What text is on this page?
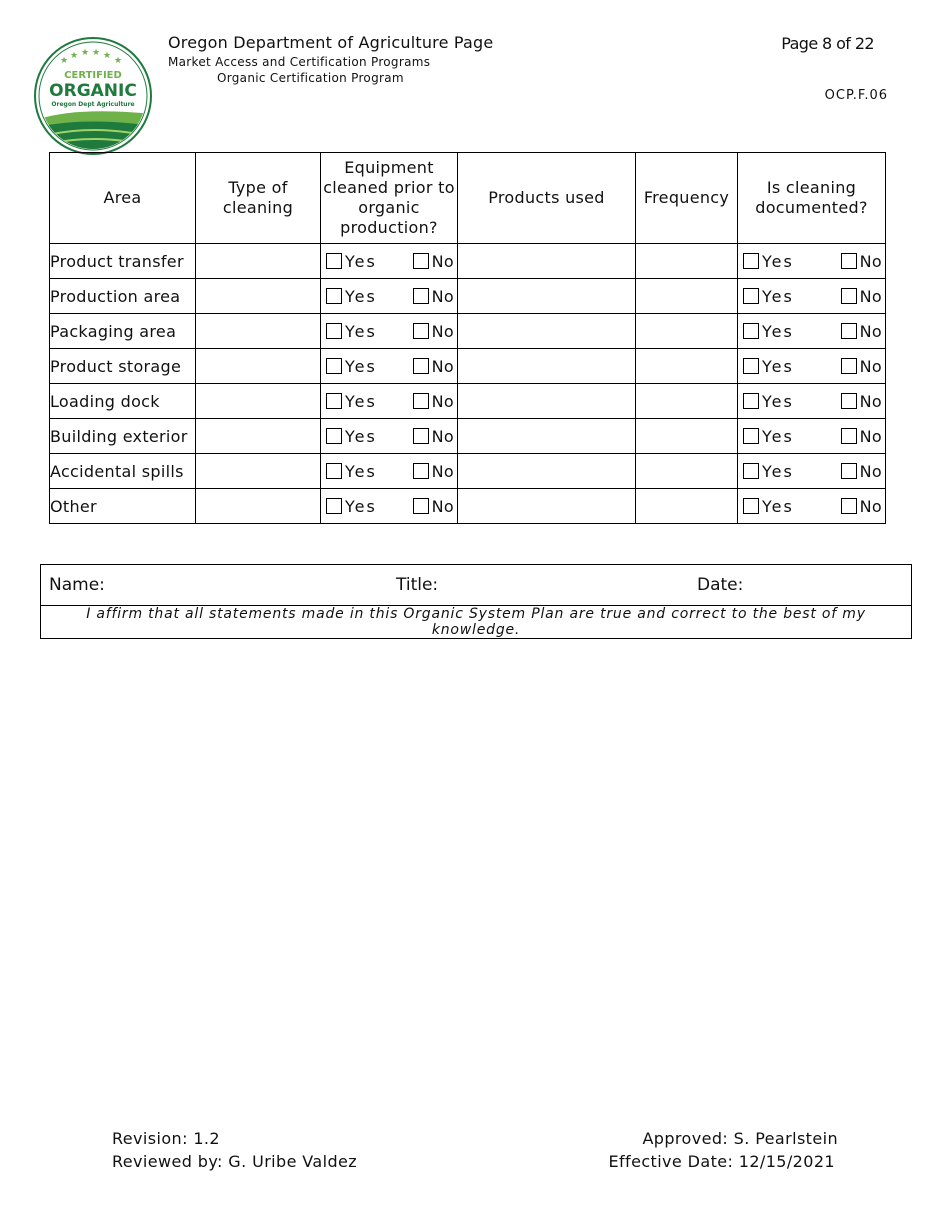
★ ★ ★ ★
★	★
CERTIFIED
ORGANIC
Oregon Dept Agriculture
Oregon Department of Agriculture Page
Market Access and Certification Programs
Organic Certification Program
Page 8 of 22
OCP.F.06
Area	Type of cleaning	Equipment cleaned prior to organic production?	Products used	Frequency	Is cleaning documented?
Product transfer		Yes No			Yes No

Production area		Yes No			Yes No

Packaging area		Yes No			Yes No

Product storage		Yes No			Yes No

Loading dock		Yes No			Yes No

Building exterior		Yes No			Yes No

Accidental spills		Yes No			Yes No

Other		Yes No			Yes No
Name:	Title:	Date:

I affirm that all statements made in this Organic System Plan are true and correct to the best of my knowledge.
Revision: 1.2
Reviewed by: G. Uribe Valdez
Approved: S. Pearlstein
Effective Date: 12/15/2021
